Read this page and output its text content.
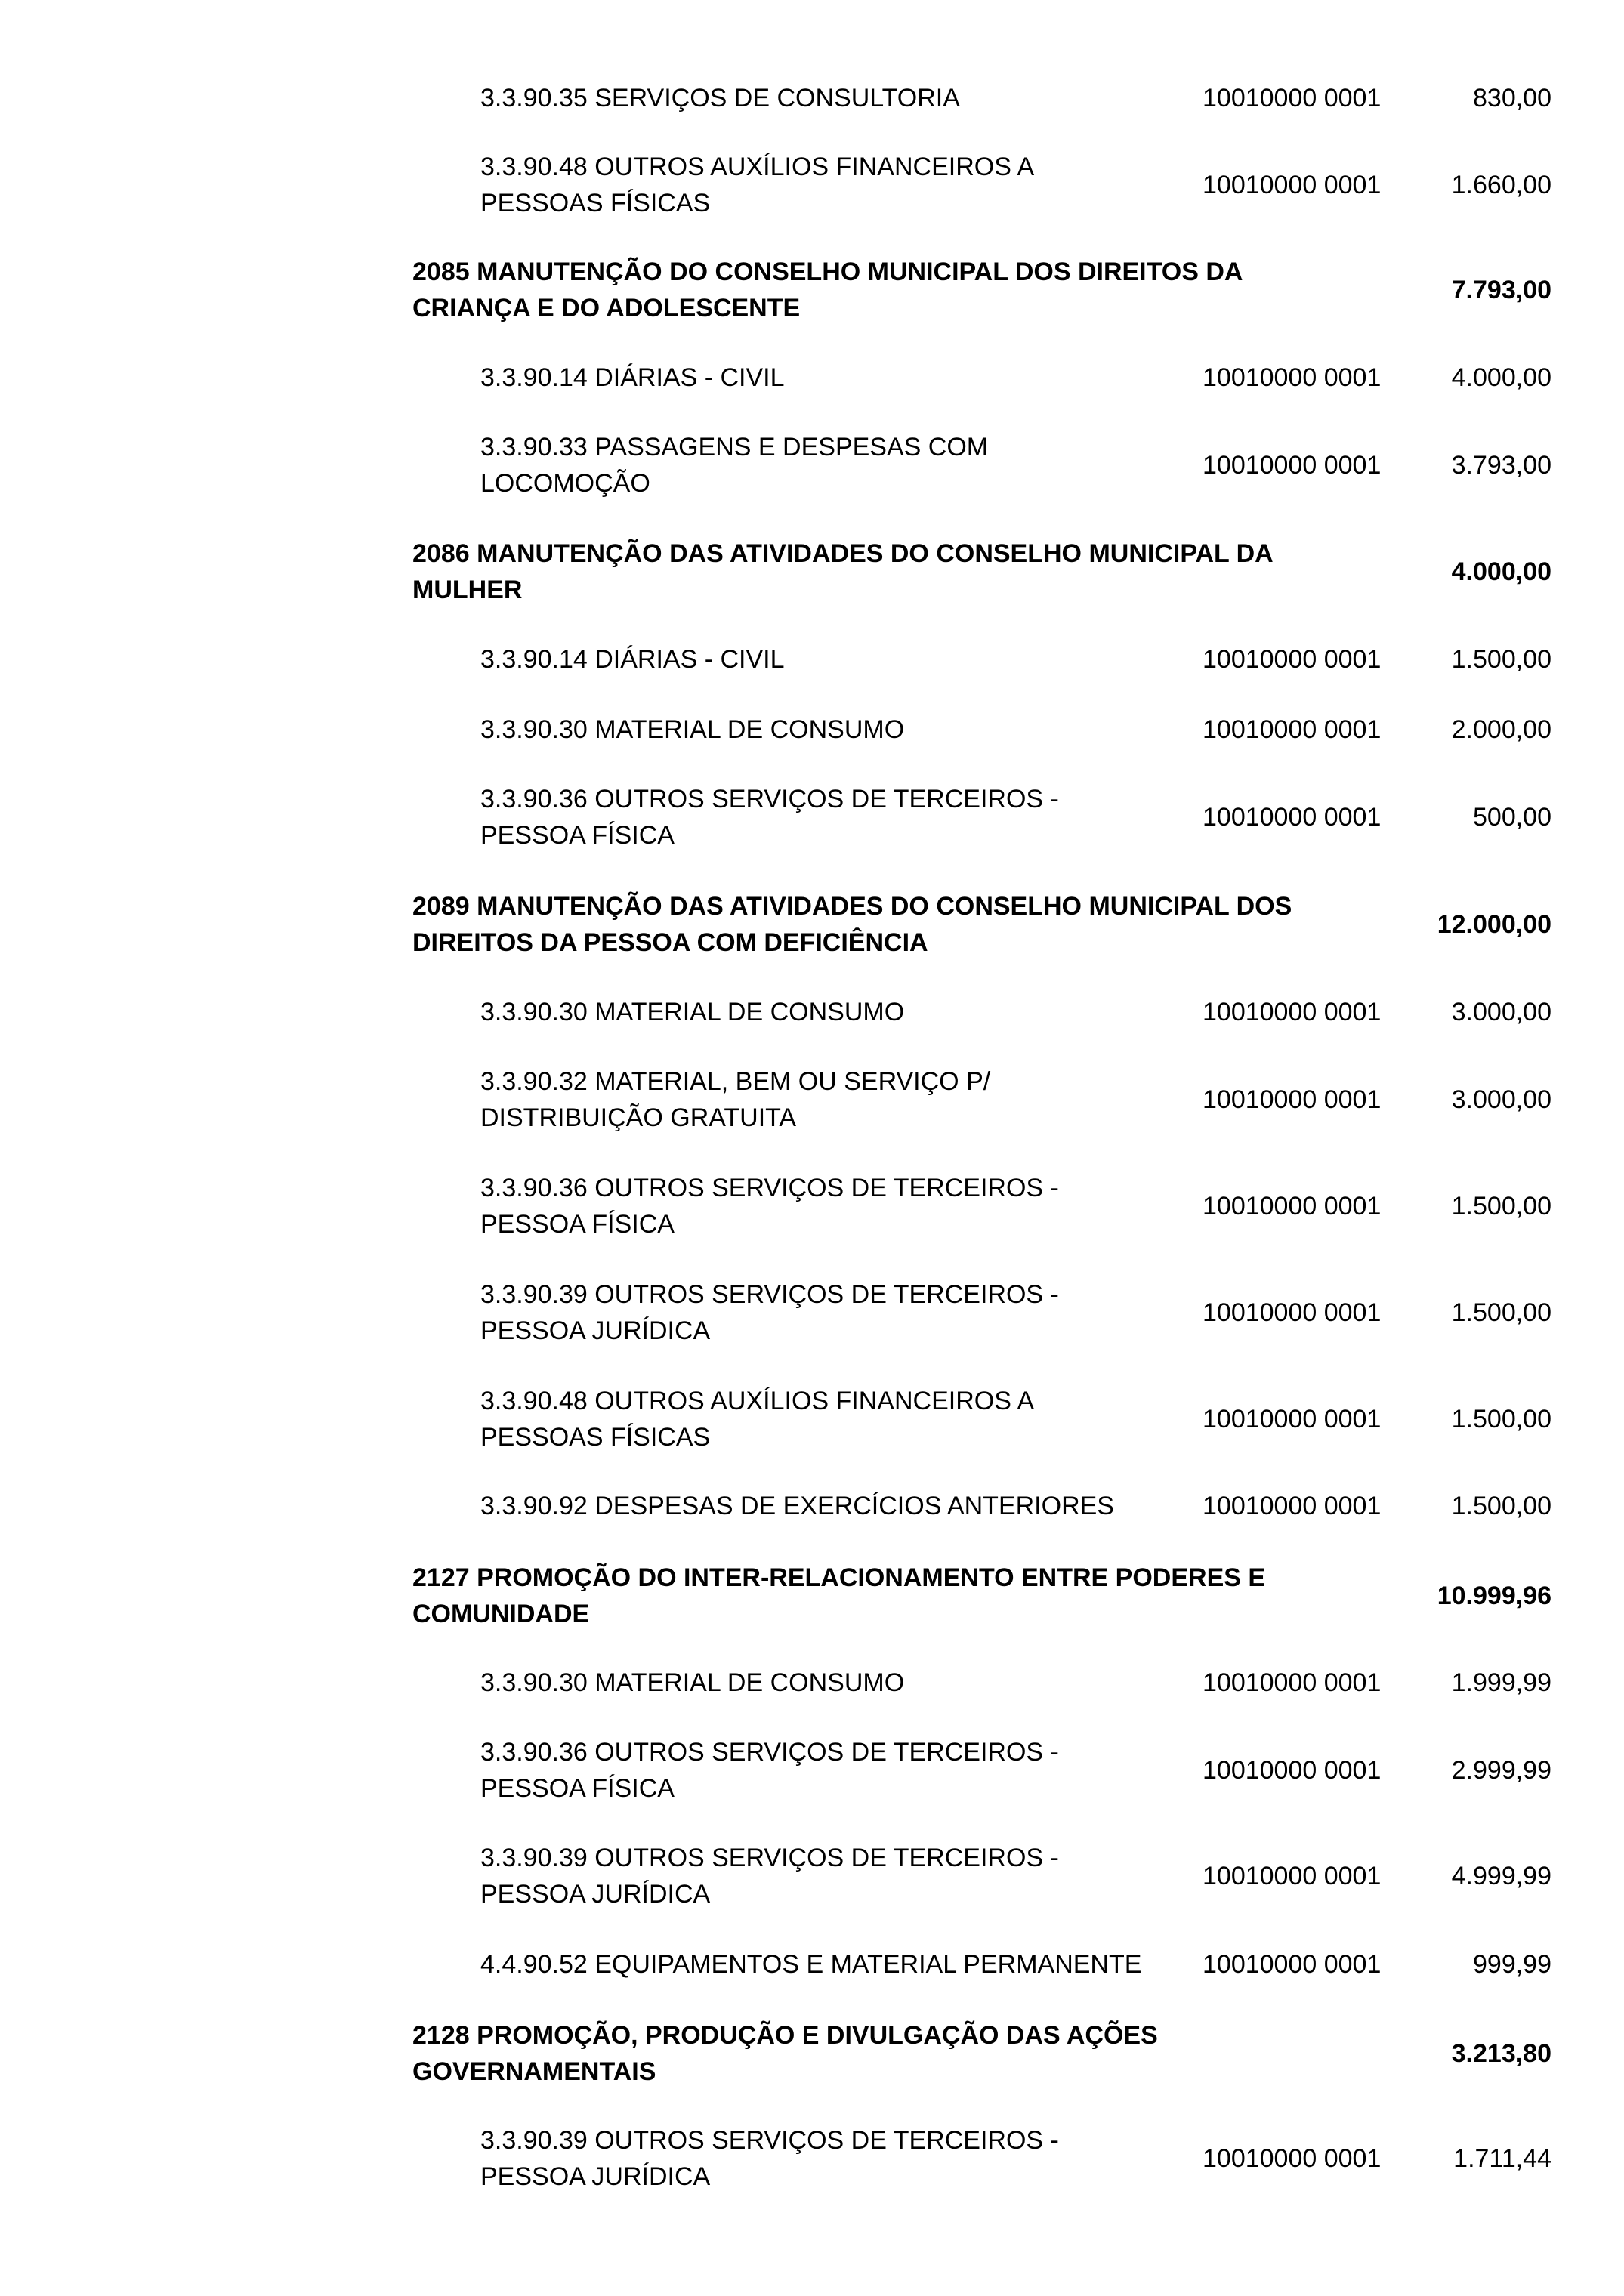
3.3.90.35 SERVIÇOS DE CONSULTORIA	10010000 0001	830,00
3.3.90.48 OUTROS AUXÍLIOS FINANCEIROS A
PESSOAS FÍSICAS
10010000 0001	1.660,00
2085 MANUTENÇÃO DO CONSELHO MUNICIPAL DOS DIREITOS DA
CRIANÇA E DO ADOLESCENTE
7.793,00
3.3.90.14 DIÁRIAS - CIVIL	10010000 0001	4.000,00
3.3.90.33 PASSAGENS E DESPESAS COM
LOCOMOÇÃO
10010000 0001	3.793,00
2086 MANUTENÇÃO DAS ATIVIDADES DO CONSELHO MUNICIPAL DA
MULHER
4.000,00
3.3.90.14 DIÁRIAS - CIVIL	10010000 0001	1.500,00
3.3.90.30 MATERIAL DE CONSUMO	10010000 0001	2.000,00
3.3.90.36 OUTROS SERVIÇOS DE TERCEIROS -
PESSOA FÍSICA
10010000 0001	500,00
2089 MANUTENÇÃO DAS ATIVIDADES DO CONSELHO MUNICIPAL DOS
DIREITOS DA PESSOA COM DEFICIÊNCIA
12.000,00
3.3.90.30 MATERIAL DE CONSUMO	10010000 0001	3.000,00
3.3.90.32 MATERIAL, BEM OU SERVIÇO P/
DISTRIBUIÇÃO GRATUITA
10010000 0001	3.000,00
3.3.90.36 OUTROS SERVIÇOS DE TERCEIROS -
PESSOA FÍSICA
10010000 0001	1.500,00
3.3.90.39 OUTROS SERVIÇOS DE TERCEIROS -
PESSOA JURÍDICA
10010000 0001	1.500,00
3.3.90.48 OUTROS AUXÍLIOS FINANCEIROS A
PESSOAS FÍSICAS
10010000 0001	1.500,00
3.3.90.92 DESPESAS DE EXERCÍCIOS ANTERIORES	10010000 0001	1.500,00
2127 PROMOÇÃO DO INTER-RELACIONAMENTO ENTRE PODERES E
COMUNIDADE
10.999,96
3.3.90.30 MATERIAL DE CONSUMO	10010000 0001	1.999,99
3.3.90.36 OUTROS SERVIÇOS DE TERCEIROS -
PESSOA FÍSICA
10010000 0001	2.999,99
3.3.90.39 OUTROS SERVIÇOS DE TERCEIROS -
PESSOA JURÍDICA
10010000 0001	4.999,99
4.4.90.52 EQUIPAMENTOS E MATERIAL PERMANENTE	10010000 0001	999,99
2128 PROMOÇÃO, PRODUÇÃO E DIVULGAÇÃO DAS AÇÕES
GOVERNAMENTAIS
3.213,80
3.3.90.39 OUTROS SERVIÇOS DE TERCEIROS -
PESSOA JURÍDICA
10010000 0001	1.711,44
